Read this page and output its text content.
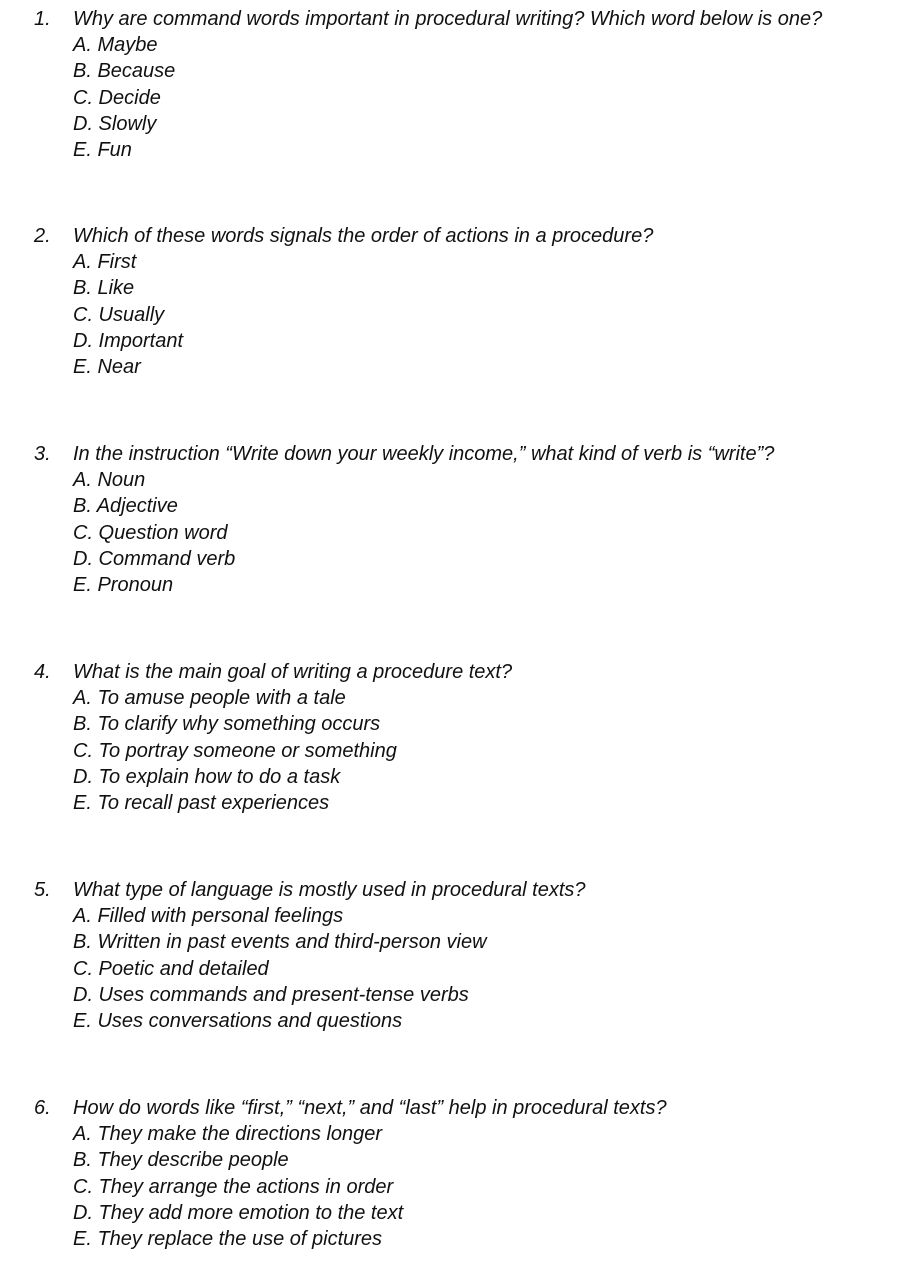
1. Why are command words important in procedural writing? Which word below is one?
A. Maybe
B. Because
C. Decide
D. Slowly
E. Fun
2. Which of these words signals the order of actions in a procedure?
A. First
B. Like
C. Usually
D. Important
E. Near
3. In the instruction “Write down your weekly income,” what kind of verb is “write”?
A. Noun
B. Adjective
C. Question word
D. Command verb
E. Pronoun
4. What is the main goal of writing a procedure text?
A. To amuse people with a tale
B. To clarify why something occurs
C. To portray someone or something
D. To explain how to do a task
E. To recall past experiences
5. What type of language is mostly used in procedural texts?
A. Filled with personal feelings
B. Written in past events and third-person view
C. Poetic and detailed
D. Uses commands and present-tense verbs
E. Uses conversations and questions
6. How do words like “first,” “next,” and “last” help in procedural texts?
A. They make the directions longer
B. They describe people
C. They arrange the actions in order
D. They add more emotion to the text
E. They replace the use of pictures
